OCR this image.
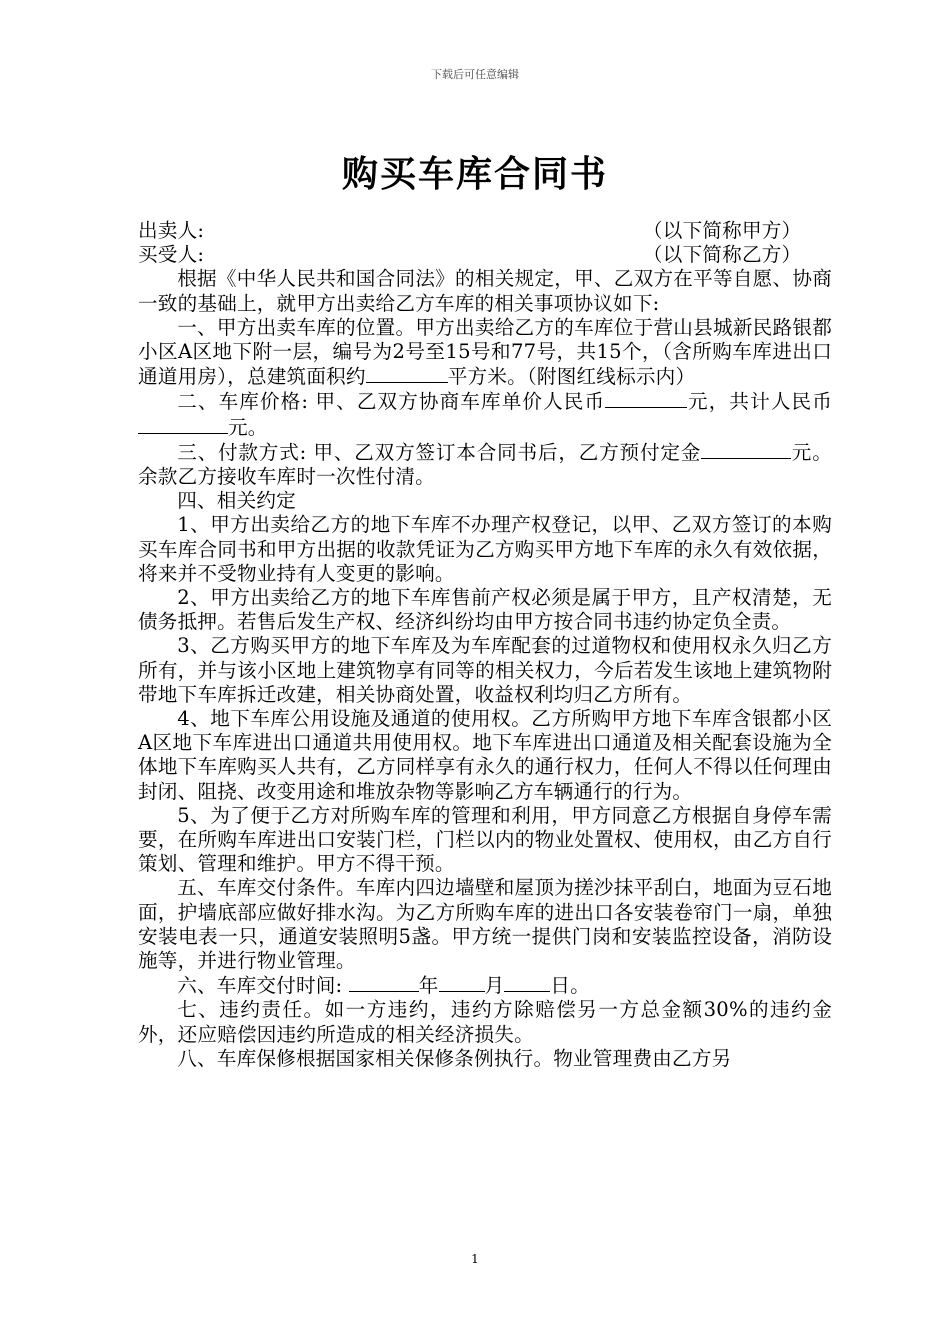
下载后可任意编辑
购买车库合同书
出卖人:	（以下简称甲方）
买受人:	（以下简称乙方）

根据《中华人民共和国合同法》的相关规定，甲、乙双方在平等自愿、协商一致的基础上，就甲方出卖给乙方车库的相关事项协议如下:

一、甲方出卖车库的位置。甲方出卖给乙方的车库位于营山县城新民路银都小区A区地下附一层，编号为2号至15号和77号，共15个，（含所购车库进出口通道用房），总建筑面积约	平方米。（附图红线标示内）

二、车库价格: 甲、乙双方协商车库单价人民币	元，共计人民币元。

三、付款方式: 甲、乙双方签订本合同书后，乙方预付定金	元。余款乙方接收车库时一次性付清。

四、相关约定

1、甲方出卖给乙方的地下车库不办理产权登记，以甲、乙双方签订的本购买车库合同书和甲方出据的收款凭证为乙方购买甲方地下车库的永久有效依据，将来并不受物业持有人变更的影响。

2、甲方出卖给乙方的地下车库售前产权必须是属于甲方，且产权清楚，无债务抵押。若售后发生产权、经济纠纷均由甲方按合同书违约协定负全责。

3、乙方购买甲方的地下车库及为车库配套的过道物权和使用权永久归乙方所有，并与该小区地上建筑物享有同等的相关权力，今后若发生该地上建筑物附带地下车库拆迁改建，相关协商处置，收益权利均归乙方所有。

4、地下车库公用设施及通道的使用权。乙方所购甲方地下车库含银都小区A区地下车库进出口通道共用使用权。地下车库进出口通道及相关配套设施为全体地下车库购买人共有，乙方同样享有永久的通行权力，任何人不得以任何理由封闭、阻挠、改变用途和堆放杂物等影响乙方车辆通行的行为。

5、为了便于乙方对所购车库的管理和利用，甲方同意乙方根据自身停车需要，在所购车库进出口安装门栏，门栏以内的物业处置权、使用权，由乙方自行策划、管理和维护。甲方不得干预。

五、车库交付条件。车库内四边墙壁和屋顶为搓沙抹平刮白，地面为豆石地面，护墙底部应做好排水沟。为乙方所购车库的进出口各安装卷帘门一扇，单独安装电表一只，通道安装照明5盏。甲方统一提供门岗和安装监控设备，消防设施等，并进行物业管理。

六、车库交付时间:	年 月 日。

七、违约责任。如一方违约，违约方除赔偿另一方总金额30%的违约金外，还应赔偿因违约所造成的相关经济损失。

八、车库保修根据国家相关保修条例执行。物业管理费由乙方另

1
